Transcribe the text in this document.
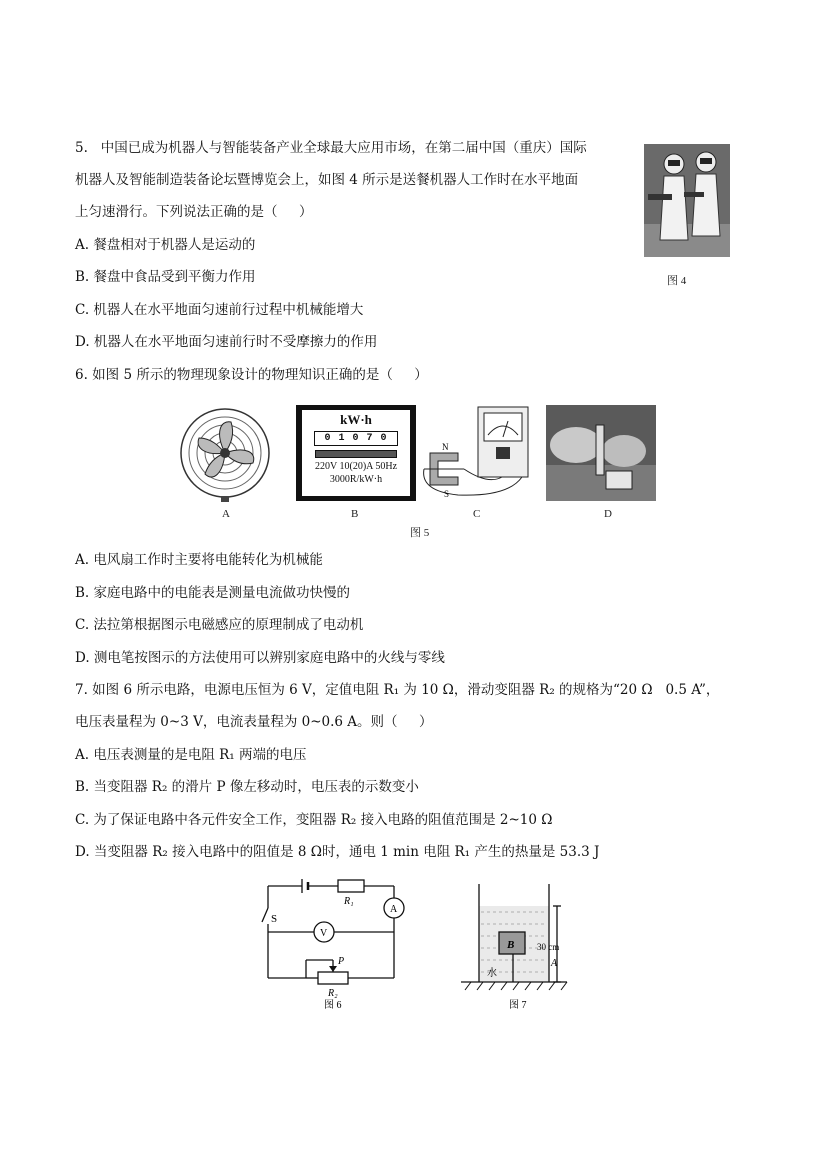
5.   中国已成为机器人与智能装备产业全球最大应用市场，在第二届中国（重庆）国际
机器人及智能制造装备论坛暨博览会上，如图 4 所示是送餐机器人工作时在水平地面
上匀速滑行。下列说法正确的是（     ）
A. 餐盘相对于机器人是运动的
B. 餐盘中食品受到平衡力作用
C. 机器人在水平地面匀速前行过程中机械能增大
D. 机器人在水平地面匀速前行时不受摩擦力的作用
图 4
6. 如图 5 所示的物理现象设计的物理知识正确的是（     ）
kW·h
0 1 0 7 0
220V 10(20)A 50Hz
3000R/kW·h
N
S
A	B	C	D
图 5
A. 电风扇工作时主要将电能转化为机械能
B. 家庭电路中的电能表是测量电流做功快慢的
C. 法拉第根据图示电磁感应的原理制成了电动机
D. 测电笔按图示的方法使用可以辨别家庭电路中的火线与零线
7. 如图 6 所示电路，电源电压恒为 6 V，定值电阻 R₁ 为 10 Ω，滑动变阻器 R₂ 的规格为“20 Ω   0.5 A”，
电压表量程为 0~3 V，电流表量程为 0~0.6 A。则（     ）
A. 电压表测量的是电阻 R₁ 两端的电压
B. 当变阻器 R₂ 的滑片 P 像左移动时，电压表的示数变小
C. 为了保证电路中各元件安全工作，变阻器 R₂ 接入电路的阻值范围是 2~10 Ω
D. 当变阻器 R₂ 接入电路中的阻值是 8 Ω时，通电 1 min 电阻 R₁ 产生的热量是 53.3 J
S
R₁
A
V
P
R₂
图 6
B	30 cm
A
水
图 7
